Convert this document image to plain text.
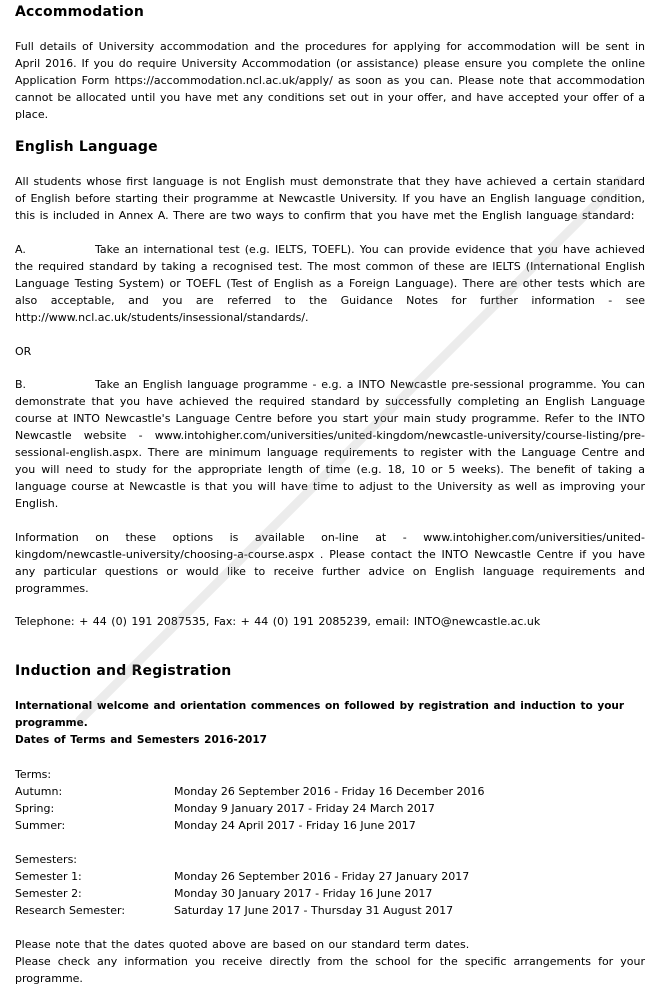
Accommodation
Full details of University accommodation and the procedures for applying for accommodation will be sent in April 2016. If you do require University Accommodation (or assistance) please ensure you complete the online Application Form https://accommodation.ncl.ac.uk/apply/ as soon as you can. Please note that accommodation cannot be allocated until you have met any conditions set out in your offer, and have accepted your offer of a place.
English Language
All students whose first language is not English must demonstrate that they have achieved a certain standard of English before starting their programme at Newcastle University. If you have an English language condition, this is included in Annex A. There are two ways to confirm that you have met the English language standard:
A.	Take an international test (e.g. IELTS, TOEFL). You can provide evidence that you have achieved the required standard by taking a recognised test. The most common of these are IELTS (International English Language Testing System) or TOEFL (Test of English as a Foreign Language). There are other tests which are also acceptable, and you are referred to the Guidance Notes for further information - see http://www.ncl.ac.uk/students/insessional/standards/.
OR
B.	Take an English language programme - e.g. a INTO Newcastle pre-sessional programme. You can demonstrate that you have achieved the required standard by successfully completing an English Language course at INTO Newcastle's Language Centre before you start your main study programme. Refer to the INTO Newcastle website - www.intohigher.com/universities/united-kingdom/newcastle-university/course-listing/pre-sessional-english.aspx. There are minimum language requirements to register with the Language Centre and you will need to study for the appropriate length of time (e.g. 18, 10 or 5 weeks). The benefit of taking a language course at Newcastle is that you will have time to adjust to the University as well as improving your English.
Information on these options is available on-line at - www.intohigher.com/universities/united-kingdom/newcastle-university/choosing-a-course.aspx . Please contact the INTO Newcastle Centre if you have any particular questions or would like to receive further advice on English language requirements and programmes.
Telephone: + 44 (0) 191 2087535, Fax: + 44 (0) 191 2085239, email: INTO@newcastle.ac.uk
Induction and Registration
International welcome and orientation commences on followed by registration and induction to your programme.
Dates of Terms and Semesters 2016-2017
Terms:
Autumn:	Monday 26 September 2016 - Friday 16 December 2016
Spring:	Monday 9 January 2017 - Friday 24 March 2017
Summer:	Monday 24 April 2017 - Friday 16 June 2017
Semesters:
Semester 1:	Monday 26 September 2016 - Friday 27 January 2017
Semester 2:	Monday 30 January 2017 - Friday 16 June 2017
Research Semester:	Saturday 17 June 2017 - Thursday 31 August 2017
Please note that the dates quoted above are based on our standard term dates.
Please check any information you receive directly from the school for the specific arrangements for your programme.
